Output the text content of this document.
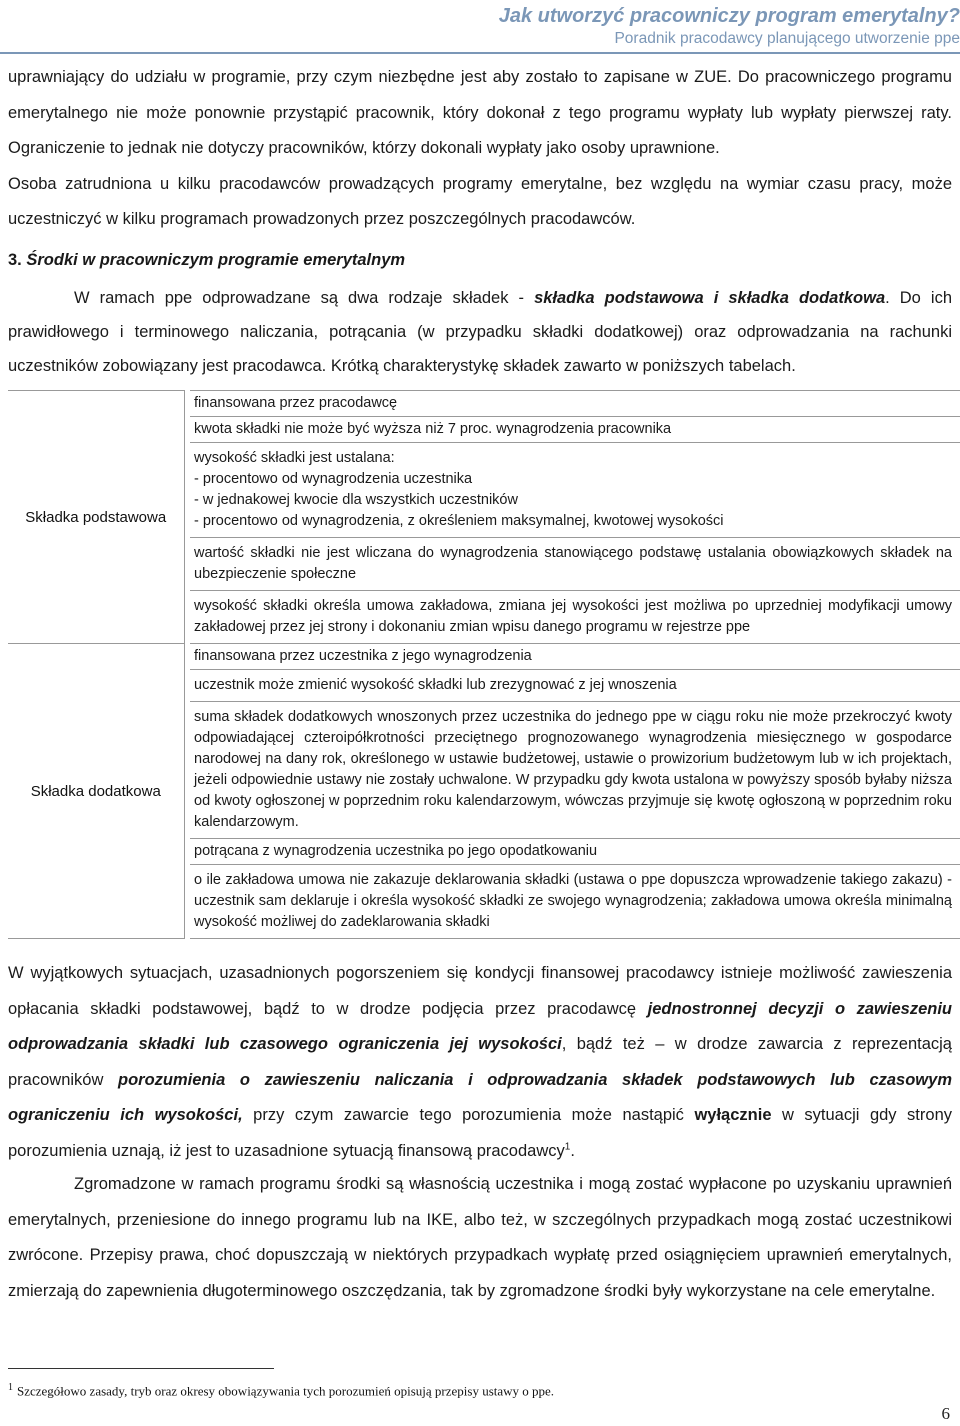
Jak utworzyć pracowniczy program emerytalny?
Poradnik pracodawcy planującego utworzenie ppe

uprawniający do udziału w programie, przy czym niezbędne jest aby zostało to zapisane w ZUE. Do pracowniczego programu

emerytalnego nie może ponownie przystąpić pracownik, który dokonał z tego programu wypłaty lub wypłaty pierwszej raty.

Ograniczenie to jednak nie dotyczy pracowników, którzy dokonali wypłaty jako osoby uprawnione.

Osoba zatrudniona u kilku pracodawców prowadzących programy emerytalne, bez względu na wymiar czasu pracy, może

uczestniczyć w kilku programach prowadzonych przez poszczególnych pracodawców.

3. Środki w pracowniczym programie emerytalnym

W ramach ppe odprowadzane są dwa rodzaje składek - składka podstawowa i składka dodatkowa. Do ich prawidłowego i terminowego naliczania, potrącania (w przypadku składki dodatkowej) oraz odprowadzania na rachunki uczestników zobowiązany jest pracodawca. Krótką charakterystykę składek zawarto w poniższych tabelach.

Składka podstawowa		finansowana przez pracodawcę
		kwota składki nie może być wyższa niż 7 proc. wynagrodzenia pracownika

		wysokość składki jest ustalana:
- procentowo od wynagrodzenia uczestnika
- w jednakowej kwocie dla wszystkich uczestników
- procentowo od wynagrodzenia, z określeniem maksymalnej, kwotowej wysokości

		wartość składki nie jest wliczana do wynagrodzenia stanowiącego podstawę ustalania obowiązkowych składek na ubezpieczenie społeczne
		wysokość składki określa umowa zakładowa, zmiana jej wysokości jest możliwa po uprzedniej modyfikacji umowy zakładowej przez jej strony i dokonaniu zmian wpisu danego programu w rejestrze ppe
Składka dodatkowa		finansowana przez uczestnika z jego wynagrodzenia
		uczestnik może zmienić wysokość składki lub zrezygnować z jej wnoszenia
		suma składek dodatkowych wnoszonych przez uczestnika do jednego ppe w ciągu roku nie może przekroczyć kwoty odpowiadającej czteroipółkrotności przeciętnego prognozowanego wynagrodzenia miesięcznego w gospodarce narodowej na dany rok, określonego w ustawie budżetowej, ustawie o prowizorium budżetowym lub w ich projektach, jeżeli odpowiednie ustawy nie zostały uchwalone. W przypadku gdy kwota ustalona w powyższy sposób byłaby niższa od kwoty ogłoszonej w poprzednim roku kalendarzowym, wówczas przyjmuje się kwotę ogłoszoną w poprzednim roku kalendarzowym.
		potrącana z wynagrodzenia uczestnika po jego opodatkowaniu
		o ile zakładowa umowa nie zakazuje deklarowania składki (ustawa o ppe dopuszcza wprowadzenie takiego zakazu) - uczestnik sam deklaruje i określa wysokość składki ze swojego wynagrodzenia; zakładowa umowa określa minimalną wysokość możliwej do zadeklarowania składki

W wyjątkowych sytuacjach, uzasadnionych pogorszeniem się kondycji finansowej pracodawcy istnieje możliwość zawieszenia opłacania składki podstawowej, bądź to w drodze podjęcia przez pracodawcę jednostronnej decyzji o zawieszeniu odprowadzania składki lub czasowego ograniczenia jej wysokości, bądź też – w drodze zawarcia z reprezentacją pracowników porozumienia o zawieszeniu naliczania i odprowadzania składek podstawowych lub czasowym ograniczeniu ich wysokości, przy czym zawarcie tego porozumienia może nastąpić wyłącznie w sytuacji gdy strony porozumienia uznają, iż jest to uzasadnione sytuacją finansową pracodawcy$^1$.

Zgromadzone w ramach programu środki są własnością uczestnika i mogą zostać wypłacone po uzyskaniu uprawnień emerytalnych, przeniesione do innego programu lub na IKE, albo też, w szczególnych przypadkach mogą zostać uczestnikowi zwrócone. Przepisy prawa, choć dopuszczają w niektórych przypadkach wypłatę przed osiągnięciem uprawnień emerytalnych, zmierzają do zapewnienia długoterminowego oszczędzania, tak by zgromadzone środki były wykorzystane na cele emerytalne.

$^1$ Szczegółowo zasady, tryb oraz okresy obowiązywania tych porozumień opisują przepisy ustawy o ppe.
6
